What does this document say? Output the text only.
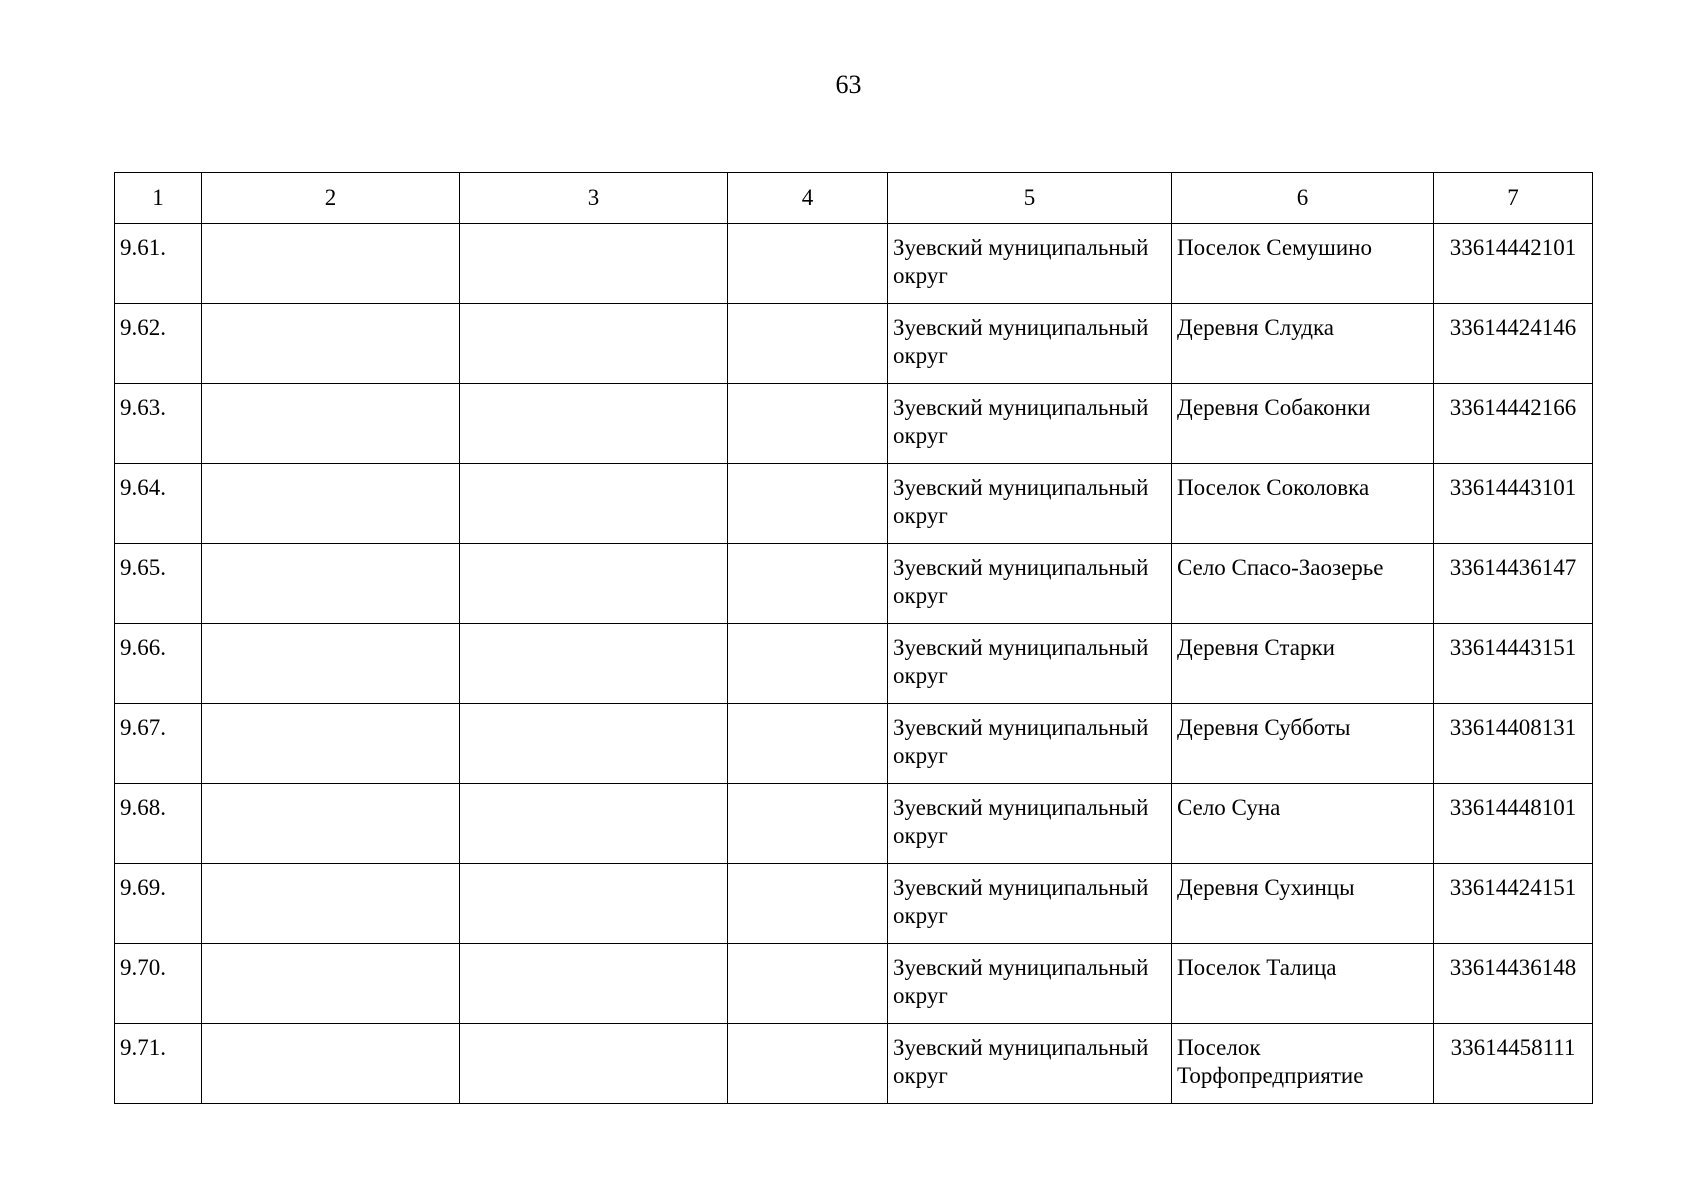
63
1	2	3	4	5	6	7

9.61.				Зуевский муниципальный округ	Поселок Семушино	33614442101

9.62.				Зуевский муниципальный округ	Деревня Слудка	33614424146

9.63.				Зуевский муниципальный округ	Деревня Собаконки	33614442166

9.64.				Зуевский муниципальный округ	Поселок Соколовка	33614443101

9.65.				Зуевский муниципальный округ	Село Спасо-Заозерье	33614436147

9.66.				Зуевский муниципальный округ	Деревня Старки	33614443151

9.67.				Зуевский муниципальный округ	Деревня Субботы	33614408131

9.68.				Зуевский муниципальный округ	Село Суна	33614448101

9.69.				Зуевский муниципальный округ	Деревня Сухинцы	33614424151

9.70.				Зуевский муниципальный округ	Поселок Талица	33614436148

9.71.				Зуевский муниципальный округ	Поселок Торфопредприятие	33614458111
